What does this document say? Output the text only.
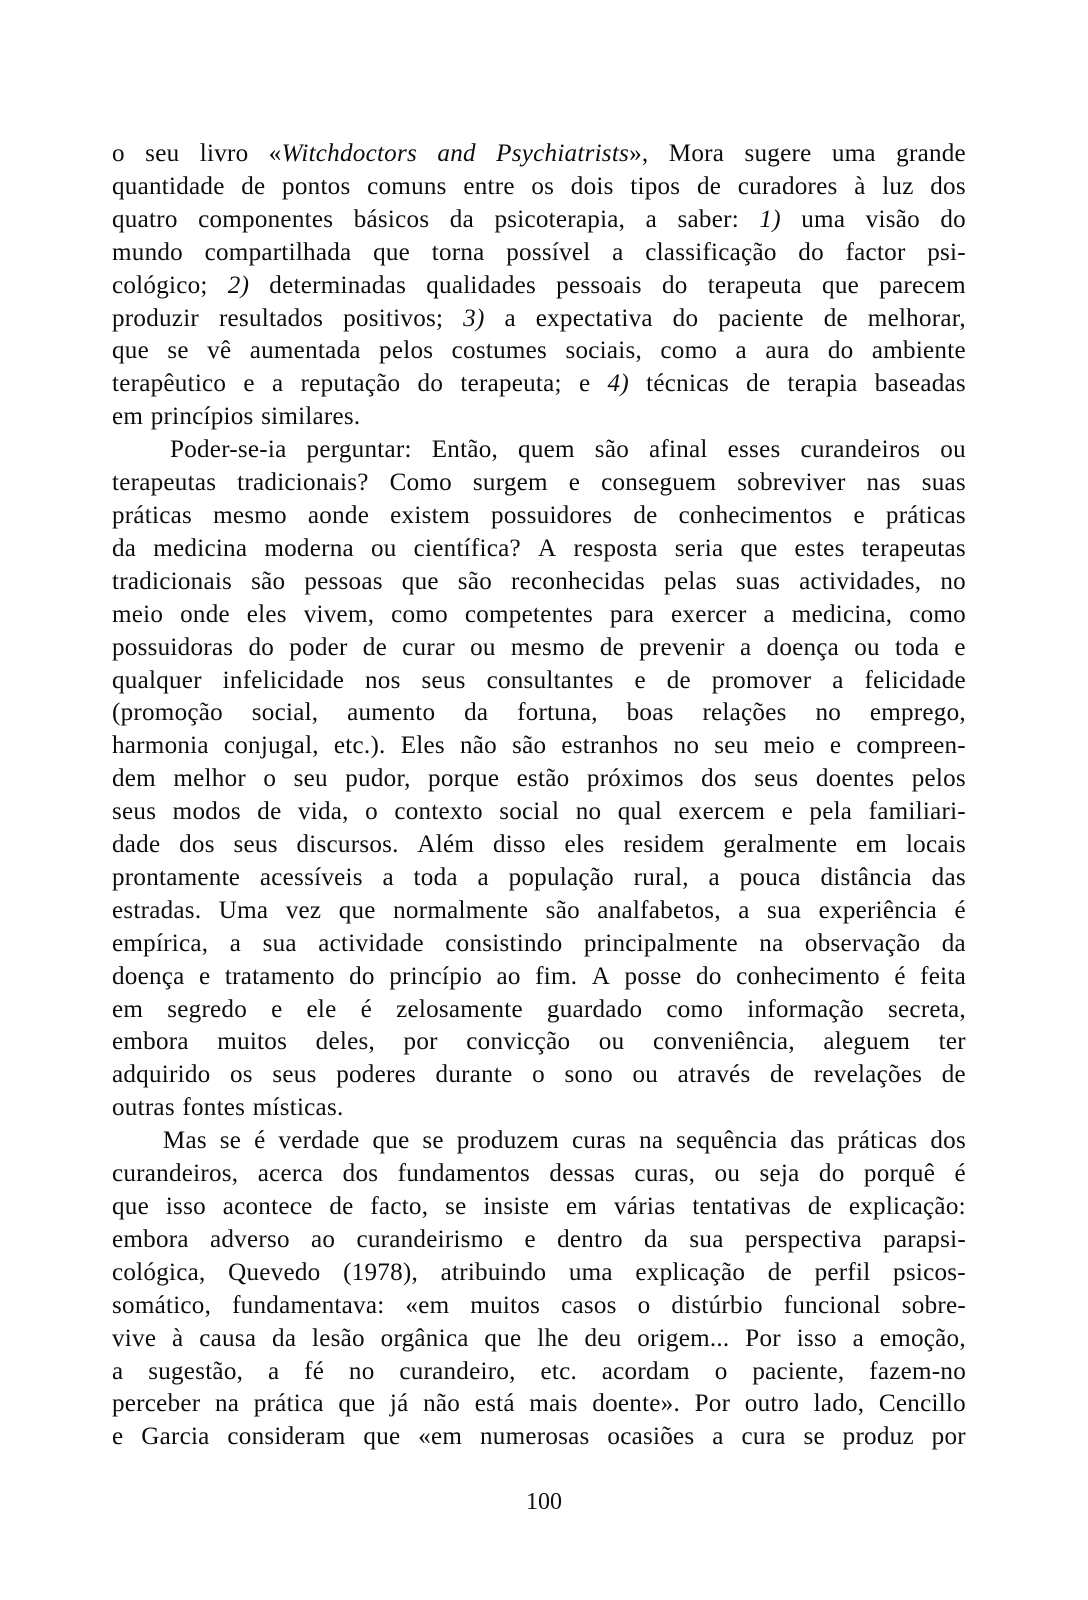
o seu livro «Witchdoctors and Psychiatrists», Mora sugere uma grande
quantidade de pontos comuns entre os dois tipos de curadores à luz dos
quatro componentes básicos da psicoterapia, a saber: 1) uma visão do
mundo compartilhada que torna possível a classificação do factor psi-
cológico; 2) determinadas qualidades pessoais do terapeuta que parecem
produzir resultados positivos; 3) a expectativa do paciente de melhorar,
que se vê aumentada pelos costumes sociais, como a aura do ambiente
terapêutico e a reputação do terapeuta; e 4) técnicas de terapia baseadas
em princípios similares.
Poder-se-ia perguntar: Então, quem são afinal esses curandeiros ou
terapeutas tradicionais? Como surgem e conseguem sobreviver nas suas
práticas mesmo aonde existem possuidores de conhecimentos e práticas
da medicina moderna ou científica? A resposta seria que estes terapeutas
tradicionais são pessoas que são reconhecidas pelas suas actividades, no
meio onde eles vivem, como competentes para exercer a medicina, como
possuidoras do poder de curar ou mesmo de prevenir a doença ou toda e
qualquer infelicidade nos seus consultantes e de promover a felicidade
(promoção social, aumento da fortuna, boas relações no emprego,
harmonia conjugal, etc.). Eles não são estranhos no seu meio e compreen-
dem melhor o seu pudor, porque estão próximos dos seus doentes pelos
seus modos de vida, o contexto social no qual exercem e pela familiari-
dade dos seus discursos. Além disso eles residem geralmente em locais
prontamente acessíveis a toda a população rural, a pouca distância das
estradas. Uma vez que normalmente são analfabetos, a sua experiência é
empírica, a sua actividade consistindo principalmente na observação da
doença e tratamento do princípio ao fim. A posse do conhecimento é feita
em segredo e ele é zelosamente guardado como informação secreta,
embora muitos deles, por convicção ou conveniência, aleguem ter
adquirido os seus poderes durante o sono ou através de revelações de
outras fontes místicas.
Mas se é verdade que se produzem curas na sequência das práticas dos
curandeiros, acerca dos fundamentos dessas curas, ou seja do porquê é
que isso acontece de facto, se insiste em várias tentativas de explicação:
embora adverso ao curandeirismo e dentro da sua perspectiva parapsi-
cológica, Quevedo (1978), atribuindo uma explicação de perfil psicos-
somático, fundamentava: «em muitos casos o distúrbio funcional sobre-
vive à causa da lesão orgânica que lhe deu origem... Por isso a emoção,
a sugestão, a fé no curandeiro, etc. acordam o paciente, fazem-no
perceber na prática que já não está mais doente». Por outro lado, Cencillo
e Garcia consideram que «em numerosas ocasiões a cura se produz por
100
